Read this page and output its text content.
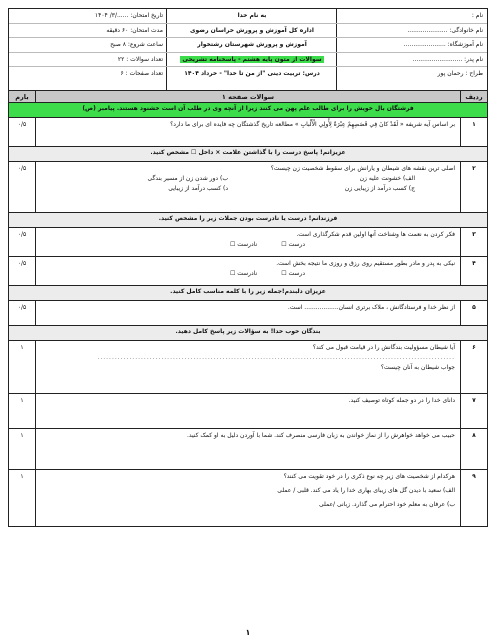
نام :
نام خانوادگی: .....................
نام آموزشگاه: ......................
نام پدر: ..........................
طراح : رحمان پور
به نام خدا
اداره کل آموزش و پرورش خراسان رضوی
آموزش و پرورش شهرستان رشتخوار
سوالات از متون پایه هشتم - پاسخنامه تشریحی
درس: تربیت دینی "از من تا خدا" - خرداد ۱۴۰۴
تاریخ امتحان: ....../۳/ ۱۴۰۴
مدت امتحان: ۶۰ دقیقه
ساعت شروع: ۸ صبح
تعداد سوالات : ۲۲
تعداد صفحات : ۶
ردیف
سوالات صفحه ۱
بارم
فرشتگان بال خویش را برای طالب علم پهن می کنند زیرا از آنچه وی در طلب آن است خشنود هستند. پیامبر (ص)
۱
بر اساس آیه شریفه « لَقَدْ كانَ فِي قَصَصِهِمْ عِبْرَةٌ لِأُولِي الْأَلْبابِ » مطالعه تاریخ گذشتگان چه فایده ای برای ما دارد؟
۰/۵
عزیزانم! پاسخ درست را با گذاشتن علامت × داخل ☐ مشخص کنید.
۲
اصلی ترین نقشه های شیطان و یارانش برای سقوط شخصیت زن چیست؟
الف) خشونت علیه زن
ب) دور شدن زن از مسیر بندگی
ج) کسب درآمد از زیبایی زن
د) کسب درآمد از زیبایی
۰/۵
فرزندانم! درست یا نادرست بودن جملات زیر را مشخص کنید.
۳
فکر کردن به نعمت ها وشناخت آنها اولین قدم شکرگذاری است.
درست ☐
نادرست ☐
۰/۵
۴
نیکی به پدر و مادر بطور مستقیم روی رزق و روزی ما نتیجه بخش است.
درست ☐
نادرست ☐
۰/۵
عزیزان دلبندم!جمله زیر را با کلمه مناسب کامل کنید.
۵
از نظر خدا و فرستادگانش ، ملاک برتری انسان.................. است.
۰/۵
بندگان خوب خدا! به سؤالات زیر پاسخ کامل دهید.
۶
آیا شیطان مسؤولیت بندگانش را در قیامت قبول می کند؟
...........................................................................................................................
جواب شیطان به آنان چیست؟
۱
۷
دانای خدا را در دو جمله کوتاه توصیف کنید.
۱
۸
حبیب می خواهد خواهرش را از نماز خواندن به زبان فارسی منصرف کند. شما با آوردن دلیل به او کمک کنید.
۱
۹
هرکدام از شخصیت های زیر چه نوع ذکری را در خود تقویت می کنند؟
الف) سعید با دیدن گل های زیبای بهاری خدا را یاد می کند. قلبی / عملی
ب) عرفان به معلم خود احترام می گذارد. زبانی /عملی
۱
۱
